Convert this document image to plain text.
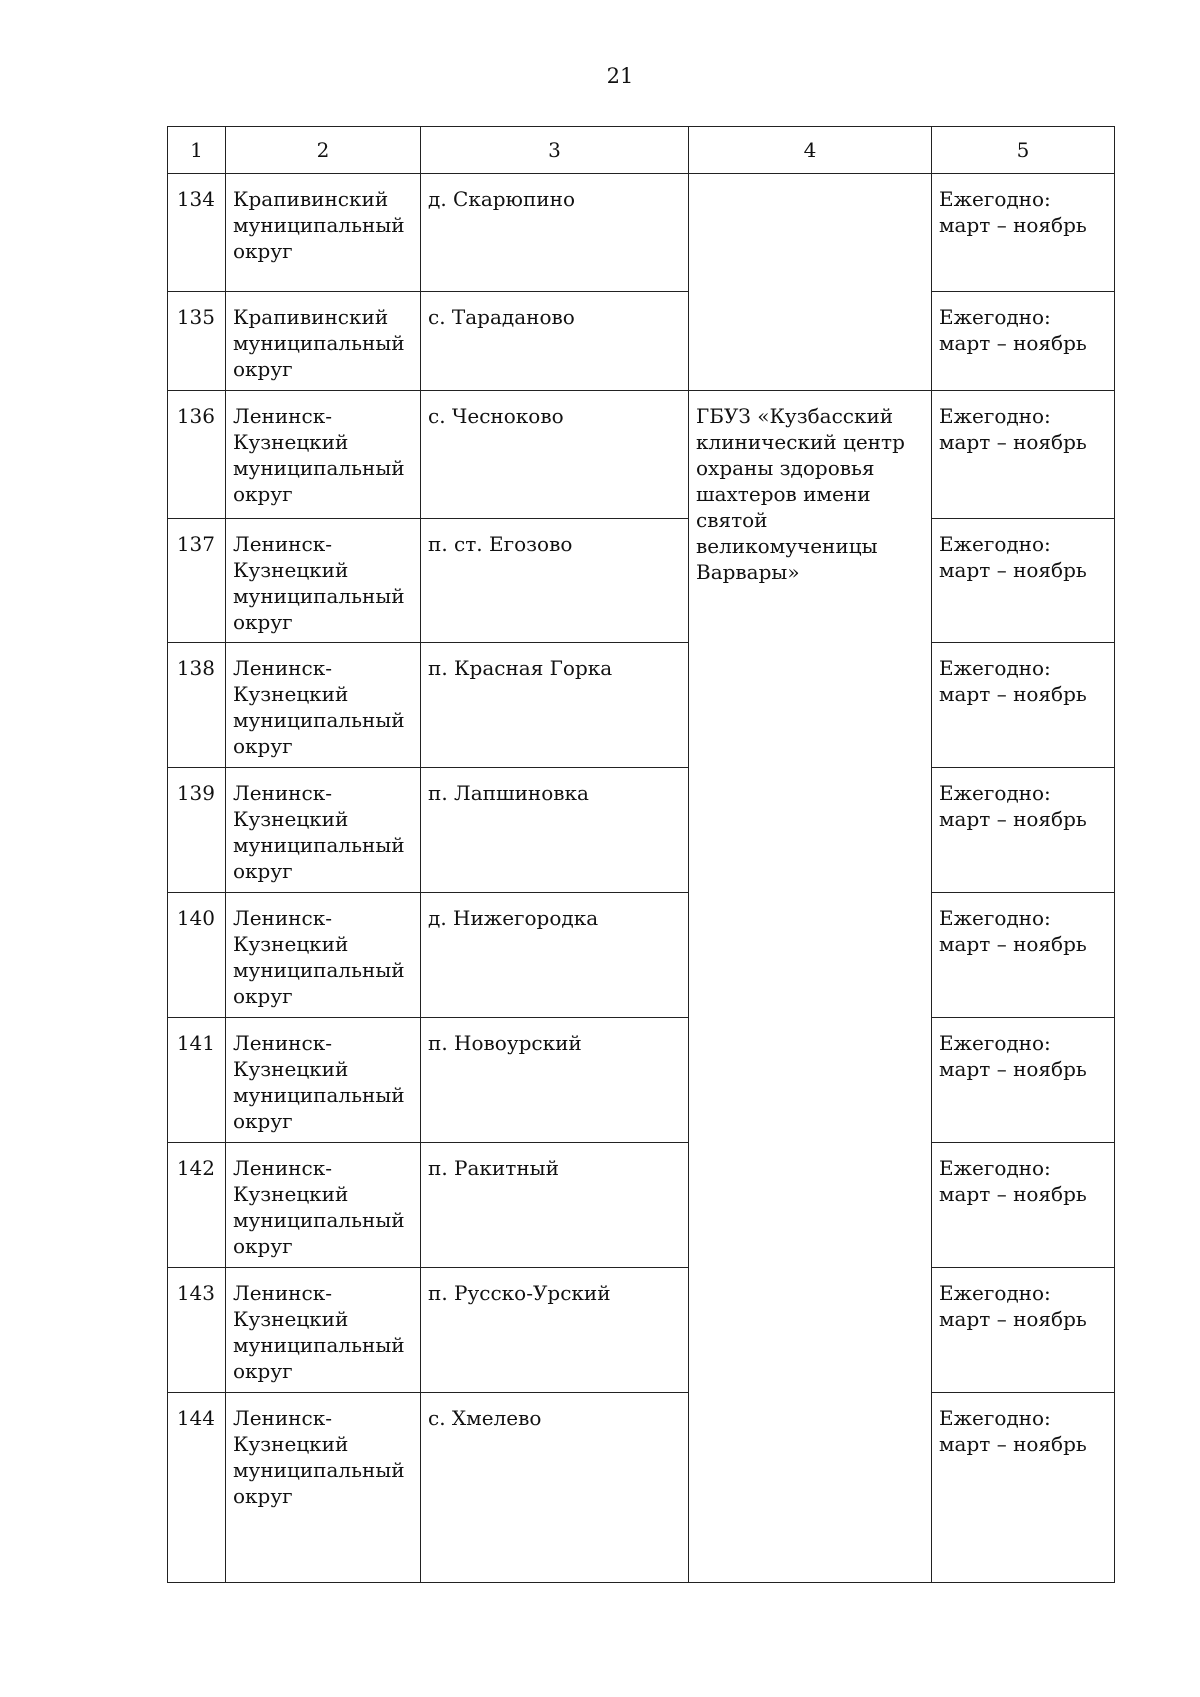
21
1	2	3	4	5
134	Крапивинский муниципальный округ	д. Скарюпино		Ежегодно: март – ноябрь
135	Крапивинский муниципальный округ	с. Тараданово		Ежегодно: март – ноябрь
136	Ленинск-Кузнецкий муниципальный округ	с. Чесноково	ГБУЗ «Кузбасский клинический центр охраны здоровья шахтеров имени святой великомученицы Варвары»	Ежегодно: март – ноябрь
137	Ленинск-Кузнецкий муниципальный округ	п. ст. Егозово		Ежегодно: март – ноябрь
138	Ленинск-Кузнецкий муниципальный округ	п. Красная Горка		Ежегодно: март – ноябрь
139	Ленинск-Кузнецкий муниципальный округ	п. Лапшиновка		Ежегодно: март – ноябрь
140	Ленинск-Кузнецкий муниципальный округ	д. Нижегородка		Ежегодно: март – ноябрь
141	Ленинск-Кузнецкий муниципальный округ	п. Новоурский		Ежегодно: март – ноябрь
142	Ленинск-Кузнецкий муниципальный округ	п. Ракитный		Ежегодно: март – ноябрь
143	Ленинск-Кузнецкий муниципальный округ	п. Русско-Урский		Ежегодно: март – ноябрь
144	Ленинск-Кузнецкий муниципальный округ	с. Хмелево		Ежегодно: март – ноябрь
